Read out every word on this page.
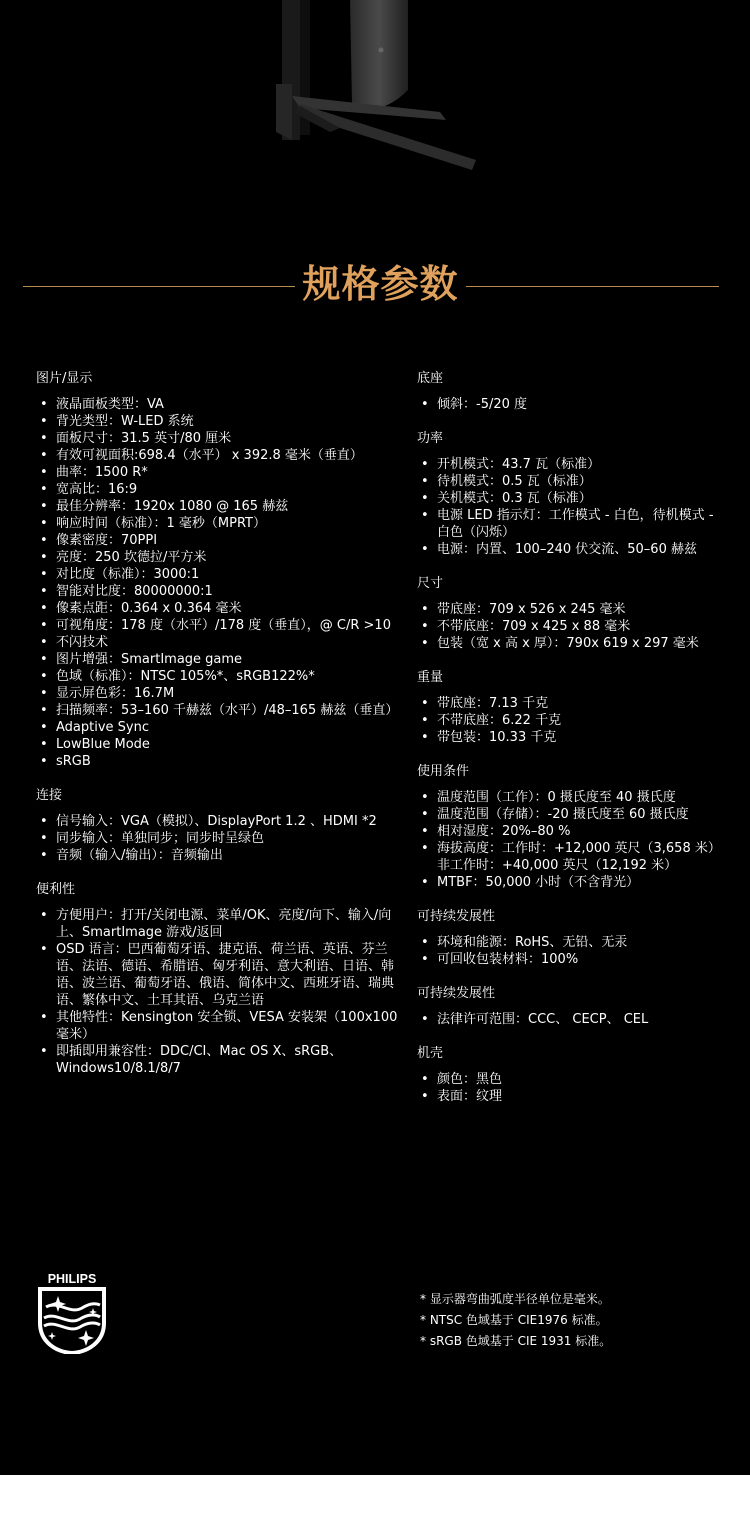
规格参数
图片/显示
• 液晶面板类型：VA
• 背光类型：W-LED 系统
• 面板尺寸：31.5 英寸/80 厘米
• 有效可视面积:698.4（水平） x 392.8 毫米（垂直）
• 曲率：1500 R*
• 宽高比：16:9
• 最佳分辨率：1920x 1080 @ 165 赫兹
• 响应时间（标准）：1 毫秒（MPRT）
• 像素密度：70PPI
• 亮度：250 坎德拉/平方米
• 对比度（标准）：3000:1
• 智能对比度：80000000:1
• 像素点距：0.364 x 0.364 毫米
• 可视角度：178 度（水平）/178 度（垂直），@ C/R >10
• 不闪技术
• 图片增强：SmartImage game
• 色域（标准）：NTSC 105%*、sRGB122%*
• 显示屏色彩：16.7M
• 扫描频率：53–160 千赫兹（水平）/48–165 赫兹（垂直）
• Adaptive Sync
• LowBlue Mode
• sRGB
连接
• 信号输入：VGA（模拟）、DisplayPort 1.2 、HDMI *2
• 同步输入：单独同步；同步时呈绿色
• 音频（输入/输出）：音频输出
便利性
• 方便用户：打开/关闭电源、菜单/OK、亮度/向下、输入/向
上、SmartImage 游戏/返回
• OSD 语言：巴西葡萄牙语、捷克语、荷兰语、英语、芬兰
语、法语、德语、希腊语、匈牙利语、意大利语、日语、韩
语、波兰语、葡萄牙语、俄语、简体中文、西班牙语、瑞典
语、繁体中文、土耳其语、乌克兰语
• 其他特性：Kensington 安全锁、VESA 安装架（100x100
毫米）
• 即插即用兼容性：DDC/CI、Mac OS X、sRGB、
Windows10/8.1/8/7
底座
• 倾斜：-5/20 度
功率
• 开机模式：43.7 瓦（标准）
• 待机模式：0.5 瓦（标准）
• 关机模式：0.3 瓦（标准）
• 电源 LED 指示灯：工作模式 - 白色，待机模式 -
白色（闪烁）
• 电源：内置、100–240 伏交流、50–60 赫兹
尺寸
• 带底座：709 x 526 x 245 毫米
• 不带底座：709 x 425 x 88 毫米
• 包装（宽 x 高 x 厚）：790x 619 x 297 毫米
重量
• 带底座：7.13 千克
• 不带底座：6.22 千克
• 带包装：10.33 千克
使用条件
• 温度范围（工作）：0 摄氏度至 40 摄氏度
• 温度范围（存储）：-20 摄氏度至 60 摄氏度
• 相对湿度：20%–80 %
• 海拔高度：工作时：+12,000 英尺（3,658 米）
非工作时：+40,000 英尺（12,192 米）
• MTBF：50,000 小时（不含背光）
可持续发展性
• 环境和能源：RoHS、无铅、无汞
• 可回收包装材料：100%
可持续发展性
• 法律许可范围：CCC、 CECP、 CEL
机壳
• 颜色：黑色
• 表面：纹理
PHILIPS
* 显示器弯曲弧度半径单位是毫米。
* NTSC 色域基于 CIE1976 标准。
* sRGB 色域基于 CIE 1931 标准。
